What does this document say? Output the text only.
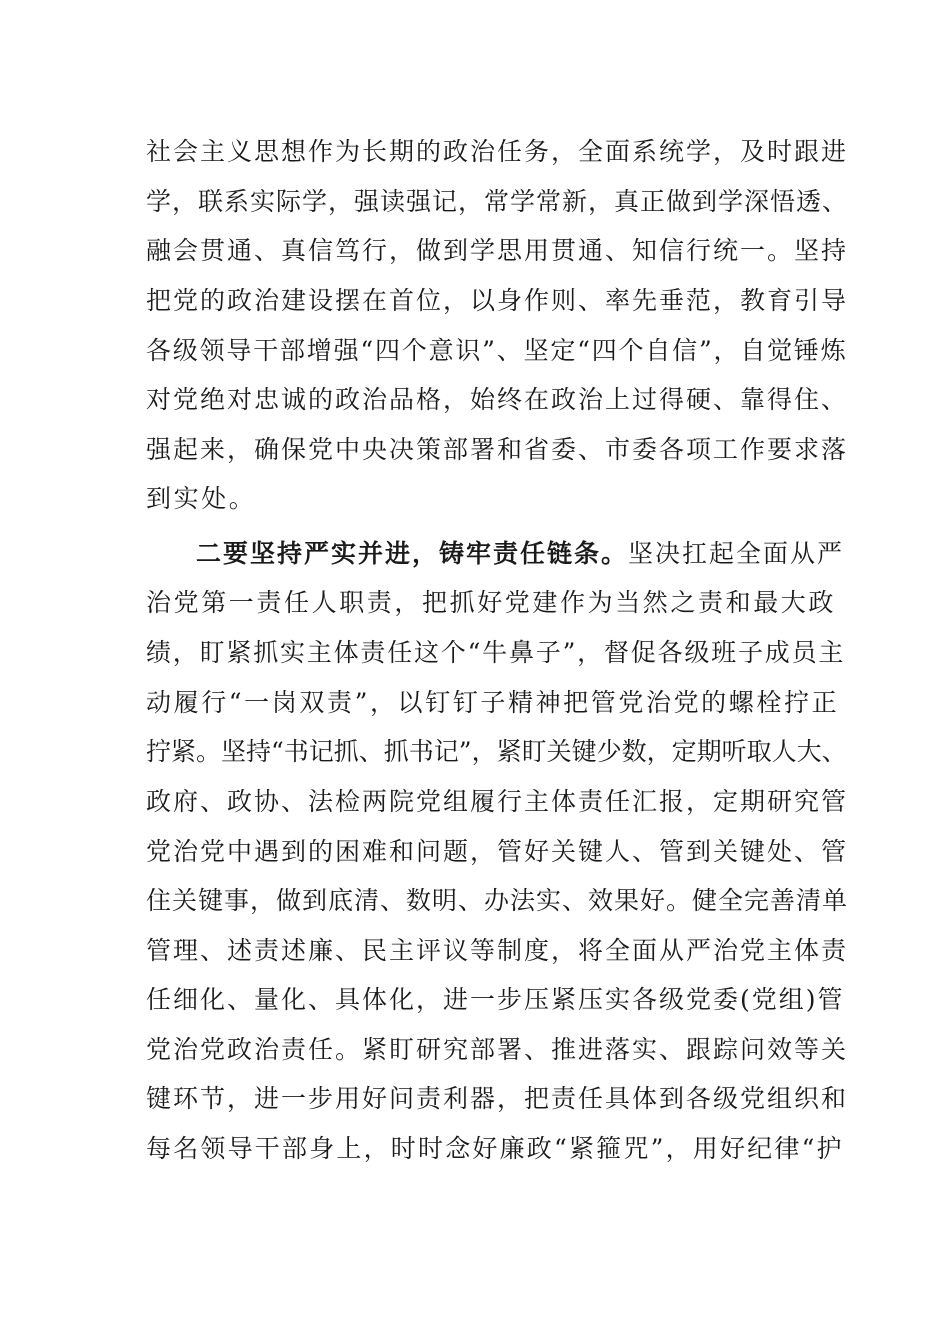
社会主义思想作为长期的政治任务，全面系统学，及时跟进
学，联系实际学，强读强记，常学常新，真正做到学深悟透、
融会贯通、真信笃行，做到学思用贯通、知信行统一。坚持
把党的政治建设摆在首位，以身作则、率先垂范，教育引导
各级领导干部增强“四个意识”、坚定“四个自信”，自觉锤炼
对党绝对忠诚的政治品格，始终在政治上过得硬、靠得住、
强起来，确保党中央决策部署和省委、市委各项工作要求落
到实处。
二要坚持严实并进，铸牢责任链条。坚决扛起全面从严
治党第一责任人职责，把抓好党建作为当然之责和最大政
绩，盯紧抓实主体责任这个“牛鼻子”，督促各级班子成员主
动履行“一岗双责”，以钉钉子精神把管党治党的螺栓拧正
拧紧。坚持“书记抓、抓书记”，紧盯关键少数，定期听取人大、
政府、政协、法检两院党组履行主体责任汇报，定期研究管
党治党中遇到的困难和问题，管好关键人、管到关键处、管
住关键事，做到底清、数明、办法实、效果好。健全完善清单
管理、述责述廉、民主评议等制度，将全面从严治党主体责
任细化、量化、具体化，进一步压紧压实各级党委(党组)管
党治党政治责任。紧盯研究部署、推进落实、跟踪问效等关
键环节，进一步用好问责利器，把责任具体到各级党组织和
每名领导干部身上，时时念好廉政“紧箍咒”，用好纪律“护
